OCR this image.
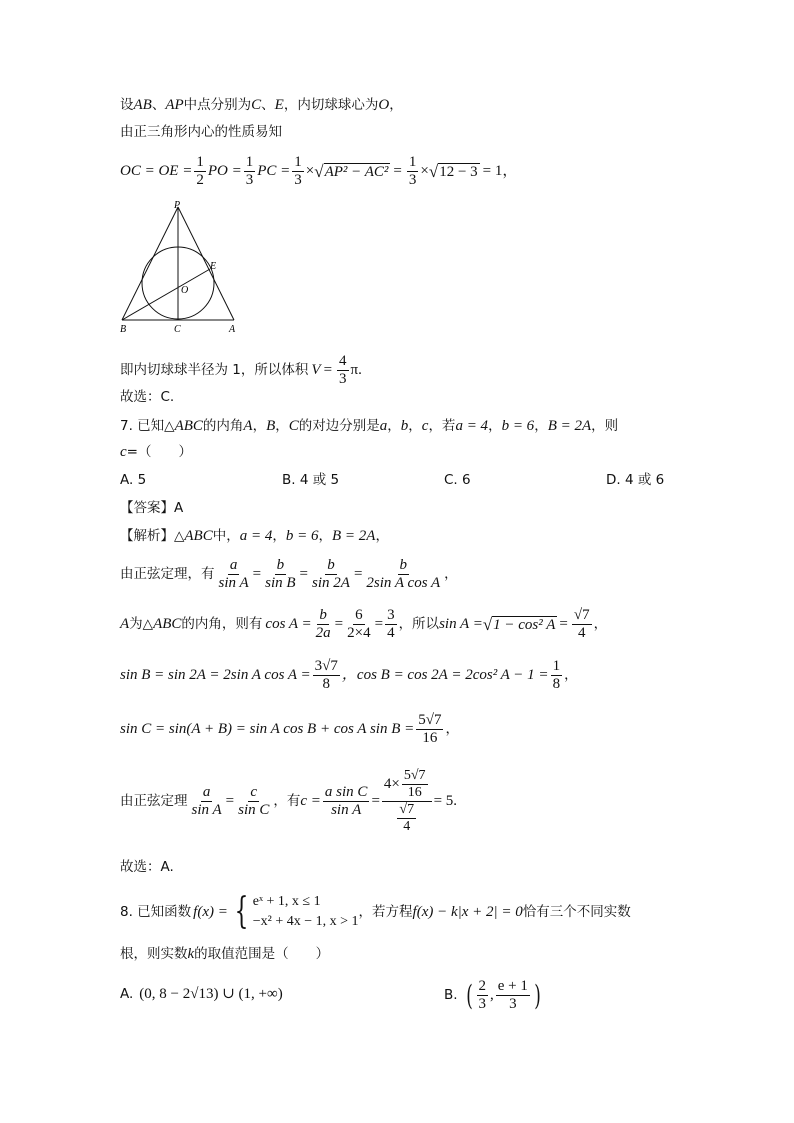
设 AB 、 AP 中点分别为 C 、 E ，内切球球心为 O ，
由正三角形内心的性质易知
OC = OE = $\frac{1}{2}$ PO = $\frac{1}{3}$ PC = $\frac{1}{3}$ × √ $AP^2 - AC^2 = \frac{1}{3}$ × √ 12 − 3 = 1，
P
E
O
B	C	A
即内切球球半径为 1，所以体积 $V = \frac{4}{3} \pi$.
故选：C.
7. 已知△ ABC 的内角 A ， B ， C 的对边分别是 a ， b ， c ，若 a = 4 ， b = 6 ， B = 2A ，则
c =（　　）
A. 5	B. 4 或 5	C. 6	D. 4 或 6
【答案】A
【解析】△ ABC 中， a = 4 ， b = 6 ， B = 2A ，
由正弦定理，有 $\frac{a}{\text{sin A}} = \frac{b}{\text{sin B}} = \frac{b}{\sin 2A} = \frac{b}{\text{2sin A cos A}}$ ，
A 为△ ABC 的内角，则有 $\cos A = \frac{b}{2a} = \frac{6}{2\times 4} = \frac{3}{4}$ ，所以 sin A = √ 1 − cos² $A = \frac{√7}{4}$ ，
sin B = sin 2A = 2sin A $\cos A = \frac{3√7}{8}$ ，cos B = cos 2A = 2cos² $A - 1 = \frac{1}{8}$ ，
sin C = sin(A + B) = sin A cos B + cos A $\sin B = \frac{5√7}{16}$ ，
由正弦定理 $\frac{a}{\text{sin A}} = \frac{c}{\text{sin C}}$ ，有 $c = \frac{\text{a sin C}}{\text{sin A}} = \frac{4\times \frac{5√7}{16}}{\frac{√7}{4}} = 5$.
故选：A.
8. 已知函数 f(x) = { eˣ + 1, x ≤ 1
−x² + 4x − 1, x > 1
，若方程 f(x) − k|x + 2| = 0 恰有三个不同实数
根，则实数 k 的取值范围是（　　）
A. (0, 8 − 2√13) ∪ (1, +∞)	B. ( $\frac{2}{3}$ , $\frac{e + 1}{3}$ )
